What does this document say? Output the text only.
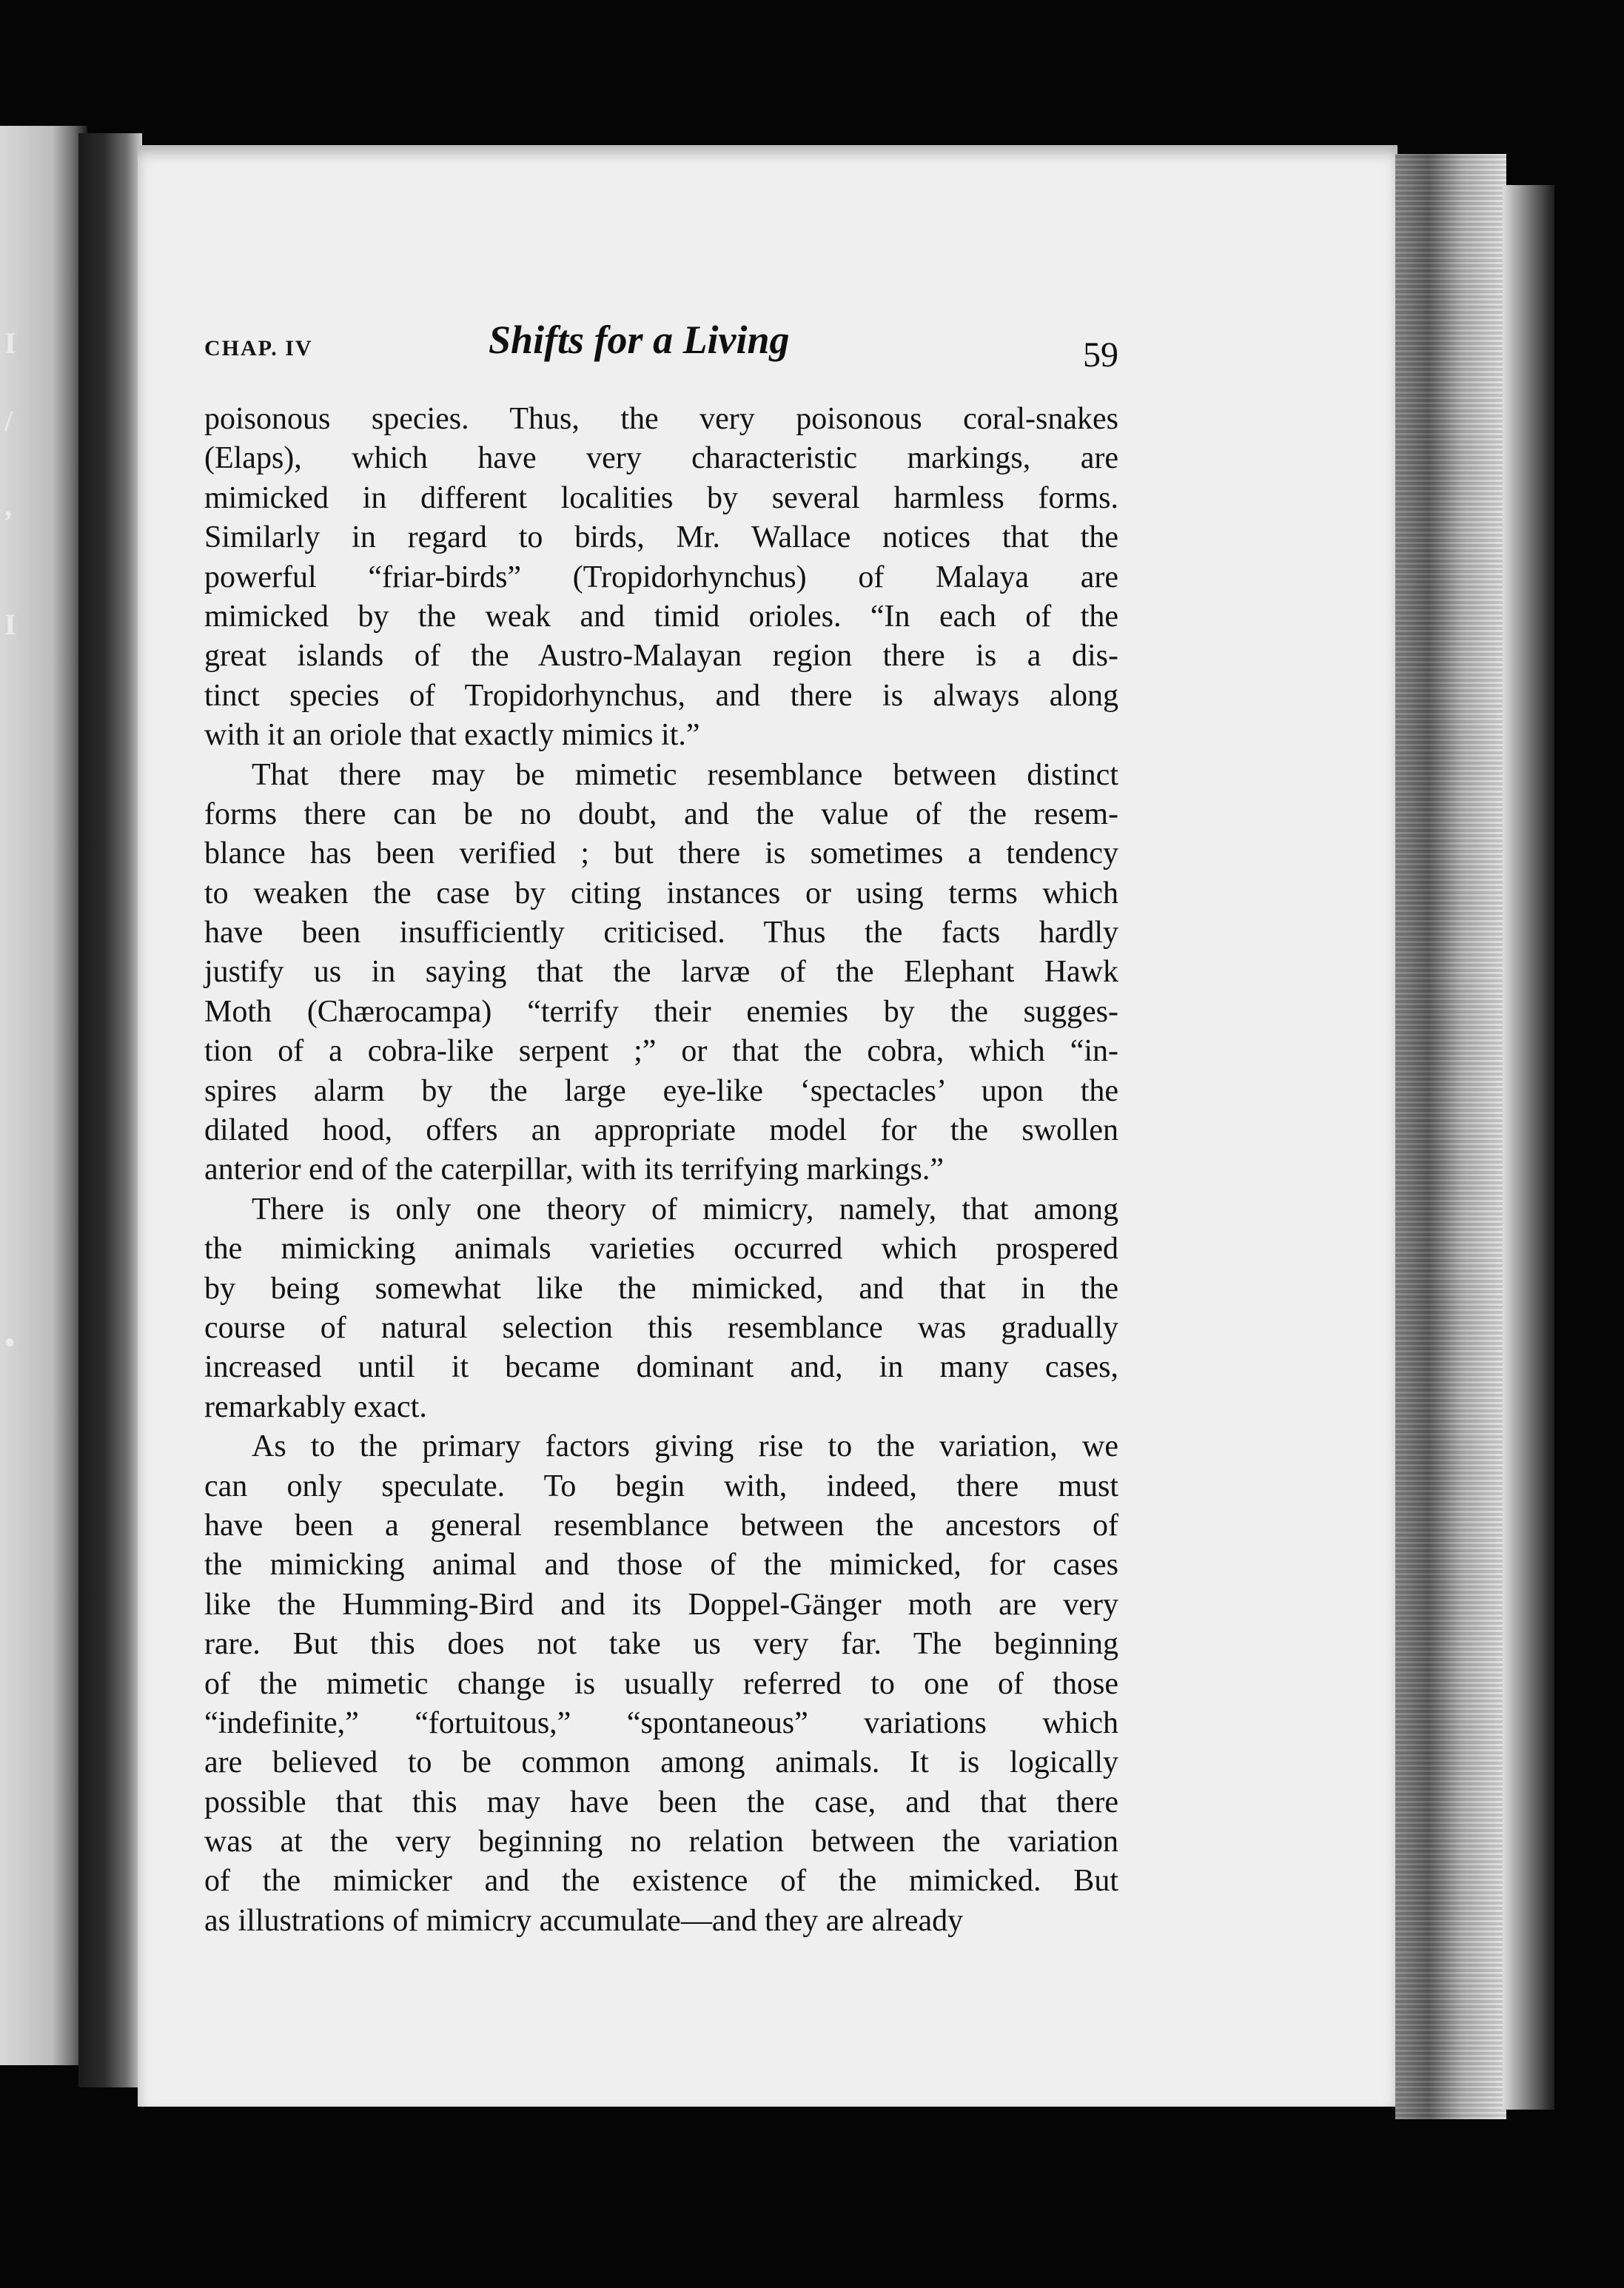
I
/
,
I
•
CHAP. IV	Shifts for a Living	59
poisonous species. Thus, the very poisonous coral-snakes
(Elaps), which have very characteristic markings, are
mimicked in different localities by several harmless forms.
Similarly in regard to birds, Mr. Wallace notices that the
powerful “friar-birds” (Tropidorhynchus) of Malaya are
mimicked by the weak and timid orioles. “In each of the
great islands of the Austro-Malayan region there is a dis-
tinct species of Tropidorhynchus, and there is always along
with it an oriole that exactly mimics it.”
That there may be mimetic resemblance between distinct
forms there can be no doubt, and the value of the resem-
blance has been verified ; but there is sometimes a tendency
to weaken the case by citing instances or using terms which
have been insufficiently criticised. Thus the facts hardly
justify us in saying that the larvæ of the Elephant Hawk
Moth (Chærocampa) “terrify their enemies by the sugges-
tion of a cobra-like serpent ;” or that the cobra, which “in-
spires alarm by the large eye-like ‘spectacles’ upon the
dilated hood, offers an appropriate model for the swollen
anterior end of the caterpillar, with its terrifying markings.”
There is only one theory of mimicry, namely, that among
the mimicking animals varieties occurred which prospered
by being somewhat like the mimicked, and that in the
course of natural selection this resemblance was gradually
increased until it became dominant and, in many cases,
remarkably exact.
As to the primary factors giving rise to the variation, we
can only speculate. To begin with, indeed, there must
have been a general resemblance between the ancestors of
the mimicking animal and those of the mimicked, for cases
like the Humming-Bird and its Doppel-Gänger moth are very
rare. But this does not take us very far. The beginning
of the mimetic change is usually referred to one of those
“indefinite,” “fortuitous,” “spontaneous” variations which
are believed to be common among animals. It is logically
possible that this may have been the case, and that there
was at the very beginning no relation between the variation
of the mimicker and the existence of the mimicked. But
as illustrations of mimicry accumulate—and they are already
